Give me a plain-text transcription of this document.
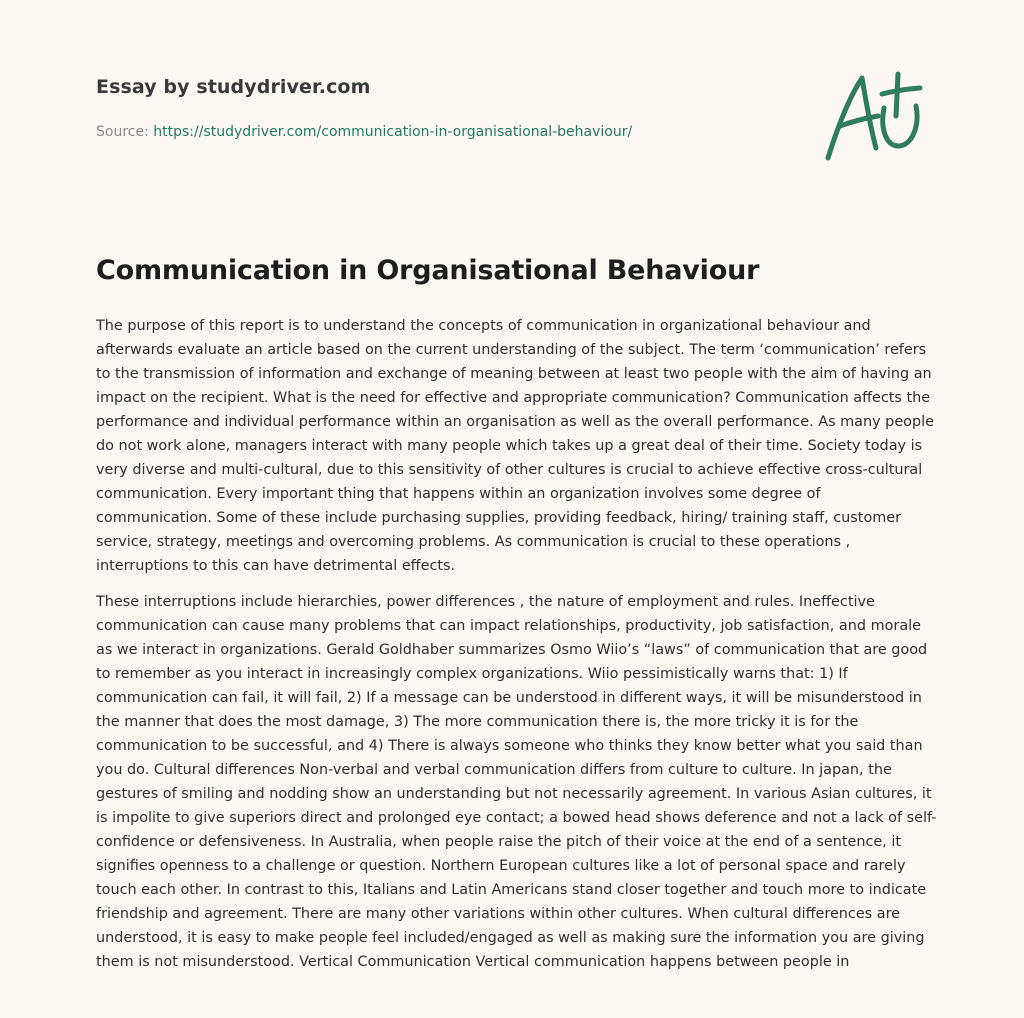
Essay by studydriver.com
Source: https://studydriver.com/communication-in-organisational-behaviour/
Communication in Organisational Behaviour

The purpose of this report is to understand the concepts of communication in organizational behaviour and afterwards evaluate an article based on the current understanding of the subject. The term ‘communication’ refers to the transmission of information and exchange of meaning between at least two people with the aim of having an impact on the recipient. What is the need for effective and appropriate communication? Communication affects the performance and individual performance within an organisation as well as the overall performance. As many people do not work alone, managers interact with many people which takes up a great deal of their time. Society today is very diverse and multi-cultural, due to this sensitivity of other cultures is crucial to achieve effective cross-cultural communication. Every important thing that happens within an organization involves some degree of communication. Some of these include purchasing supplies, providing feedback, hiring/ training staff, customer service, strategy, meetings and overcoming problems. As communication is crucial to these operations , interruptions to this can have detrimental effects.

These interruptions include hierarchies, power differences , the nature of employment and rules. Ineffective communication can cause many problems that can impact relationships, productivity, job satisfaction, and morale as we interact in organizations. Gerald Goldhaber summarizes Osmo Wiio’s “laws” of communication that are good to remember as you interact in increasingly complex organizations. Wiio pessimistically warns that: 1) If communication can fail, it will fail, 2) If a message can be understood in different ways, it will be misunderstood in the manner that does the most damage, 3) The more communication there is, the more tricky it is for the communication to be successful, and 4) There is always someone who thinks they know better what you said than you do. Cultural differences Non-verbal and verbal communication differs from culture to culture. In japan, the gestures of smiling and nodding show an understanding but not necessarily agreement. In various Asian cultures, it is impolite to give superiors direct and prolonged eye contact; a bowed head shows deference and not a lack of self-confidence or defensiveness. In Australia, when people raise the pitch of their voice at the end of a sentence, it signifies openness to a challenge or question. Northern European cultures like a lot of personal space and rarely touch each other. In contrast to this, Italians and Latin Americans stand closer together and touch more to indicate friendship and agreement. There are many other variations within other cultures. When cultural differences are understood, it is easy to make people feel included/engaged as well as making sure the information you are giving them is not misunderstood. Vertical Communication Vertical communication happens between people in
